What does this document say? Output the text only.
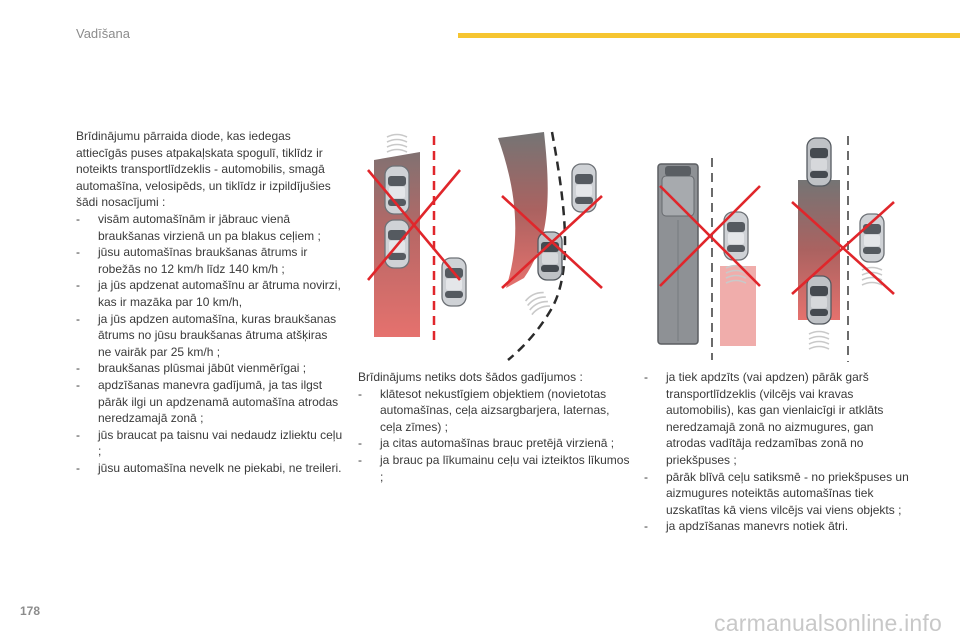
Vadīšana
Brīdinājumu pārraida diode, kas iedegas attiecīgās puses atpakaļskata spogulī, tiklīdz ir noteikts transportlīdzeklis - automobilis, smagā automašīna, velosipēds, un tiklīdz ir izpildījušies šādi nosacījumi :
-	visām automašīnām ir jābrauc vienā braukšanas virzienā un pa blakus ceļiem ;
-	jūsu automašīnas braukšanas ātrums ir robežās no 12 km/h līdz 140 km/h ;
-	ja jūs apdzenat automašīnu ar ātruma novirzi, kas ir mazāka par 10 km/h,
-	ja jūs apdzen automašīna, kuras braukšanas ātrums no jūsu braukšanas ātruma atšķiras ne vairāk par 25 km/h ;
-	braukšanas plūsmai jābūt vienmērīgai ;
-	apdzīšanas manevra gadījumā, ja tas ilgst pārāk ilgi un apdzenamā automašīna atrodas neredzamajā zonā ;
-	jūs braucat pa taisnu vai nedaudz izliektu ceļu ;
-	jūsu automašīna nevelk ne piekabi, ne treileri.
Brīdinājums netiks dots šādos gadījumos :
-	klātesot nekustīgiem objektiem (novietotas automašīnas, ceļa aizsargbarjera, laternas, ceļa zīmes) ;
-	ja citas automašīnas brauc pretējā virzienā ;
-	ja brauc pa līkumainu ceļu vai izteiktos līkumos ;
-	ja tiek apdzīts (vai apdzen) pārāk garš transportlīdzeklis (vilcējs vai kravas automobilis), kas gan vienlaicīgi ir atklāts neredzamajā zonā no aizmugures, gan atrodas vadītāja redzamības zonā no priekšpuses ;
-	pārāk blīvā ceļu satiksmē - no priekšpuses un aizmugures noteiktās automašīnas tiek uzskatītas kā viens vilcējs vai viens objekts ;
-	ja apdzīšanas manevrs notiek ātri.
178	carmanualsonline.info
